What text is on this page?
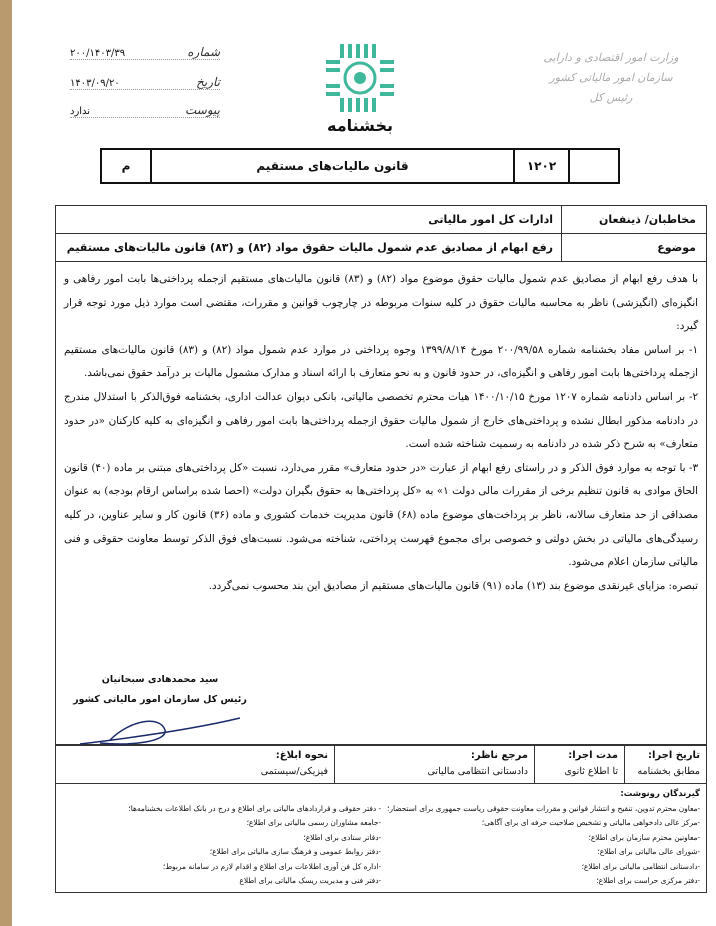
شماره
۲۰۰/۱۴۰۳/۳۹
تاریخ
۱۴۰۳/۰۹/۲۰
پیوست
ندارد
بخشنامه
وزارت امور اقتصادی و دارایی
سازمان امور مالیاتی کشور
رئیس کل
	۱۲۰۲	قانون مالیات‌های مستقیم	م
مخاطبان/ ذینفعان
ادارات کل امور مالیاتی
موضوع
رفع ابهام از مصادیق عدم شمول مالیات حقوق مواد (۸۲) و (۸۳) قانون مالیات‌های مستقیم

با هدف رفع ابهام از مصادیق عدم شمول مالیات حقوق موضوع مواد (۸۲) و (۸۳) قانون مالیات‌های مستقیم ازجمله پرداختی‌ها بابت امور رفاهی و انگیزه‌ای (انگیزشی) ناظر به محاسبه مالیات حقوق در کلیه سنوات مربوطه در چارچوب قوانین و مقررات، مقتضی است موارد ذیل مورد توجه قرار گیرد:

۱- بر اساس مفاد بخشنامه شماره ۲۰۰/۹۹/۵۸ مورخ ۱۳۹۹/۸/۱۴ وجوه پرداختی در موارد عدم شمول مواد (۸۲) و (۸۳) قانون مالیات‌های مستقیم ازجمله پرداختی‌ها بابت امور رفاهی و انگیزه‌ای، در حدود قانون و به نحو متعارف با ارائه اسناد و مدارک مشمول مالیات بر درآمد حقوق نمی‌باشد.

۲- بر اساس دادنامه شماره ۱۲۰۷ مورخ ۱۴۰۰/۱۰/۱۵ هیات محترم تخصصی مالیاتی، بانکی دیوان عدالت اداری، بخشنامه فوق‌الذکر با استدلال مندرج در دادنامه مذکور ابطال نشده و پرداختی‌های خارج از شمول مالیات حقوق ازجمله پرداختی‌ها بابت امور رفاهی و انگیزه‌ای به کلیه کارکنان «در حدود متعارف» به شرح ذکر شده در دادنامه به رسمیت شناخته شده است.

۳- با توجه به موارد فوق الذکر و در راستای رفع ابهام از عبارت «در حدود متعارف» مقرر می‌دارد، نسبت «کل پرداختی‌های مبتنی بر ماده (۴۰) قانون الحاق موادی به قانون تنظیم برخی از مقررات مالی دولت ۱» به «کل پرداختی‌ها به حقوق بگیران دولت» (احصا شده براساس ارقام بودجه) به عنوان مصداقی از حد متعارف سالانه، ناظر بر پرداخت‌های موضوع ماده (۶۸) قانون مدیریت خدمات کشوری و ماده (۳۶) قانون کار و سایر عناوین، در کلیه رسیدگی‌های مالیاتی در بخش دولتی و خصوصی برای مجموع فهرست پرداختی، شناخته می‌شود. نسبت‌های فوق الذکر توسط معاونت حقوقی و فنی مالیاتی سازمان اعلام می‌شود.

تبصره: مزایای غیرنقدی موضوع بند (۱۳) ماده (۹۱) قانون مالیات‌های مستقیم از مصادیق این بند محسوب نمی‌گردد.

سید محمدهادی سبحانیان
رئیس کل سازمان امور مالیاتی کشور
تاریخ اجرا:
مطابق بخشنامه
مدت اجرا:
تا اطلاع ثانوی
مرجع ناظر:
دادستانی انتظامی مالیاتی
نحوه ابلاغ:
فیزیکی/سیستمی
گیرندگان رونوشت:
-معاون محترم تدوین، تنقیح و انتشار قوانین و مقررات معاونت حقوقی ریاست جمهوری برای استحضار؛
-مرکز عالی دادخواهی مالیاتی و تشخیص صلاحیت حرفه ای برای آگاهی؛
-معاونین محترم سازمان برای اطلاع؛
-شورای عالی مالیاتی برای اطلاع؛
-دادستانی انتظامی مالیاتی برای اطلاع؛
-دفتر مرکزی حراست برای اطلاع؛
- دفتر حقوقی و قراردادهای مالیاتی برای اطلاع و درج در بانک اطلاعات بخشنامه‌ها؛
-جامعه مشاوران رسمی مالیاتی برای اطلاع؛
-دفاتر ستادی برای اطلاع؛
-دفتر روابط عمومی و فرهنگ سازی مالیاتی برای اطلاع؛
-اداره کل فن آوری اطلاعات برای اطلاع و اقدام لازم در سامانه مربوط؛
-دفتر فنی و مدیریت ریسک مالیاتی برای اطلاع
